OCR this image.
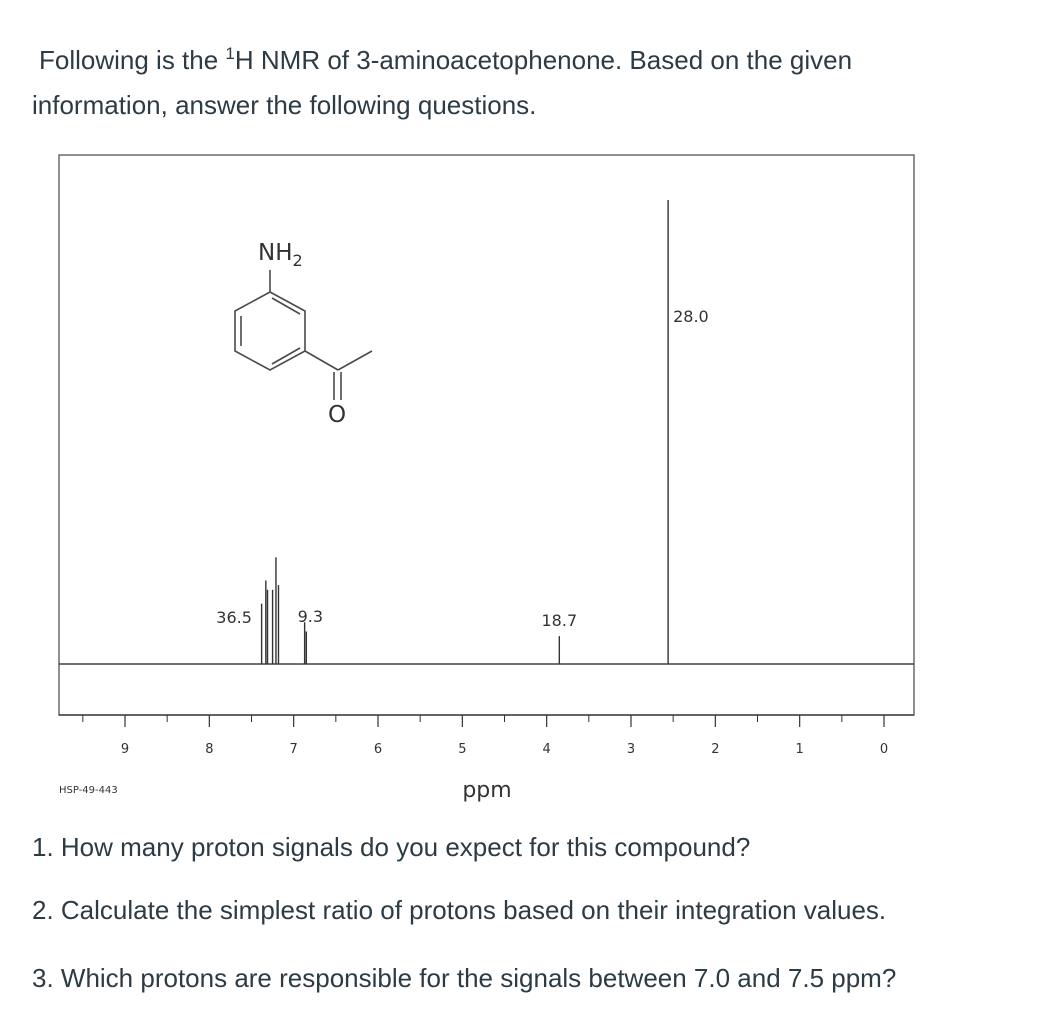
Following is the $^1$H NMR of 3-aminoacetophenone. Based on the given
information, answer the following questions.
9	8	7	6	5	4	3	2	1	0
36.5	9.3	18.7
28.0
$NH_2$
O
ppm
HSP-49-443
1. How many proton signals do you expect for this compound?
2. Calculate the simplest ratio of protons based on their integration values.
3. Which protons are responsible for the signals between 7.0 and 7.5 ppm?
